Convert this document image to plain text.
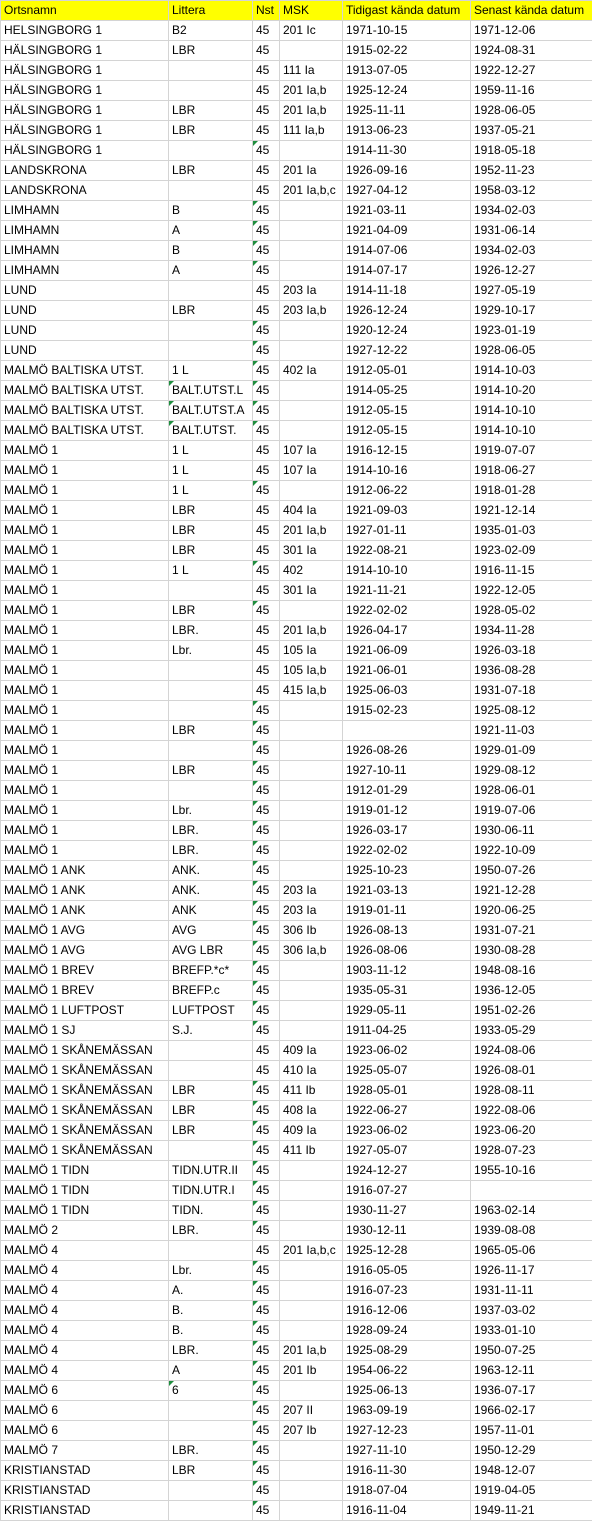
Ortsnamn	Littera	Nst	MSK	Tidigast kända datum	Senast kända datum
HELSINGBORG 1	B2	45	201 Ic	1971-10-15	1971-12-06
HÄLSINGBORG 1	LBR	45		1915-02-22	1924-08-31
HÄLSINGBORG 1		45	111 Ia	1913-07-05	1922-12-27
HÄLSINGBORG 1		45	201 Ia,b	1925-12-24	1959-11-16
HÄLSINGBORG 1	LBR	45	201 Ia,b	1925-11-11	1928-06-05
HÄLSINGBORG 1	LBR	45	111 Ia,b	1913-06-23	1937-05-21
HÄLSINGBORG 1		45		1914-11-30	1918-05-18
LANDSKRONA	LBR	45	201 Ia	1926-09-16	1952-11-23
LANDSKRONA		45	201 Ia,b,c	1927-04-12	1958-03-12
LIMHAMN	B	45		1921-03-11	1934-02-03
LIMHAMN	A	45		1921-04-09	1931-06-14
LIMHAMN	B	45		1914-07-06	1934-02-03
LIMHAMN	A	45		1914-07-17	1926-12-27
LUND		45	203 Ia	1914-11-18	1927-05-19
LUND	LBR	45	203 Ia,b	1926-12-24	1929-10-17
LUND		45		1920-12-24	1923-01-19
LUND		45		1927-12-22	1928-06-05
MALMÖ BALTISKA UTST.	1 L	45	402 Ia	1912-05-01	1914-10-03
MALMÖ BALTISKA UTST.	BALT.UTST.L	45		1914-05-25	1914-10-20
MALMÖ BALTISKA UTST.	BALT.UTST.A	45		1912-05-15	1914-10-10
MALMÖ BALTISKA UTST.	BALT.UTST.	45		1912-05-15	1914-10-10
MALMÖ 1	1 L	45	107 Ia	1916-12-15	1919-07-07
MALMÖ 1	1 L	45	107 Ia	1914-10-16	1918-06-27
MALMÖ 1	1 L	45		1912-06-22	1918-01-28
MALMÖ 1	LBR	45	404 Ia	1921-09-03	1921-12-14
MALMÖ 1	LBR	45	201 Ia,b	1927-01-11	1935-01-03
MALMÖ 1	LBR	45	301 Ia	1922-08-21	1923-02-09
MALMÖ 1	1 L	45	402	1914-10-10	1916-11-15
MALMÖ 1		45	301 Ia	1921-11-21	1922-12-05
MALMÖ 1	LBR	45		1922-02-02	1928-05-02
MALMÖ 1	LBR.	45	201 Ia,b	1926-04-17	1934-11-28
MALMÖ 1	Lbr.	45	105 Ia	1921-06-09	1926-03-18
MALMÖ 1		45	105 Ia,b	1921-06-01	1936-08-28
MALMÖ 1		45	415 Ia,b	1925-06-03	1931-07-18
MALMÖ 1		45		1915-02-23	1925-08-12
MALMÖ 1	LBR	45			1921-11-03
MALMÖ 1		45		1926-08-26	1929-01-09
MALMÖ 1	LBR	45		1927-10-11	1929-08-12
MALMÖ 1		45		1912-01-29	1928-06-01
MALMÖ 1	Lbr.	45		1919-01-12	1919-07-06
MALMÖ 1	LBR.	45		1926-03-17	1930-06-11
MALMÖ 1	LBR.	45		1922-02-02	1922-10-09
MALMÖ 1 ANK	ANK.	45		1925-10-23	1950-07-26
MALMÖ 1 ANK	ANK.	45	203 Ia	1921-03-13	1921-12-28
MALMÖ 1 ANK	ANK	45	203 Ia	1919-01-11	1920-06-25
MALMÖ 1 AVG	AVG	45	306 Ib	1926-08-13	1931-07-21
MALMÖ 1 AVG	AVG LBR	45	306 Ia,b	1926-08-06	1930-08-28
MALMÖ 1 BREV	BREFP.*c*	45		1903-11-12	1948-08-16
MALMÖ 1 BREV	BREFP.c	45		1935-05-31	1936-12-05
MALMÖ 1 LUFTPOST	LUFTPOST	45		1929-05-11	1951-02-26
MALMÖ 1 SJ	S.J.	45		1911-04-25	1933-05-29
MALMÖ 1 SKÅNEMÄSSAN		45	409 Ia	1923-06-02	1924-08-06
MALMÖ 1 SKÅNEMÄSSAN		45	410 Ia	1925-05-07	1926-08-01
MALMÖ 1 SKÅNEMÄSSAN	LBR	45	411 Ib	1928-05-01	1928-08-11
MALMÖ 1 SKÅNEMÄSSAN	LBR	45	408 Ia	1922-06-27	1922-08-06
MALMÖ 1 SKÅNEMÄSSAN	LBR	45	409 Ia	1923-06-02	1923-06-20
MALMÖ 1 SKÅNEMÄSSAN		45	411 Ib	1927-05-07	1928-07-23
MALMÖ 1 TIDN	TIDN.UTR.II	45		1924-12-27	1955-10-16
MALMÖ 1 TIDN	TIDN.UTR.I	45		1916-07-27	
MALMÖ 1 TIDN	TIDN.	45		1930-11-27	1963-02-14
MALMÖ 2	LBR.	45		1930-12-11	1939-08-08
MALMÖ 4		45	201 Ia,b,c	1925-12-28	1965-05-06
MALMÖ 4	Lbr.	45		1916-05-05	1926-11-17
MALMÖ 4	A.	45		1916-07-23	1931-11-11
MALMÖ 4	B.	45		1916-12-06	1937-03-02
MALMÖ 4	B.	45		1928-09-24	1933-01-10
MALMÖ 4	LBR.	45	201 Ia,b	1925-08-29	1950-07-25
MALMÖ 4	A	45	201 Ib	1954-06-22	1963-12-11
MALMÖ 6	6	45		1925-06-13	1936-07-17
MALMÖ 6		45	207 II	1963-09-19	1966-02-17
MALMÖ 6		45	207 Ib	1927-12-23	1957-11-01
MALMÖ 7	LBR.	45		1927-11-10	1950-12-29
KRISTIANSTAD	LBR	45		1916-11-30	1948-12-07
KRISTIANSTAD		45		1918-07-04	1919-04-05
KRISTIANSTAD		45		1916-11-04	1949-11-21
